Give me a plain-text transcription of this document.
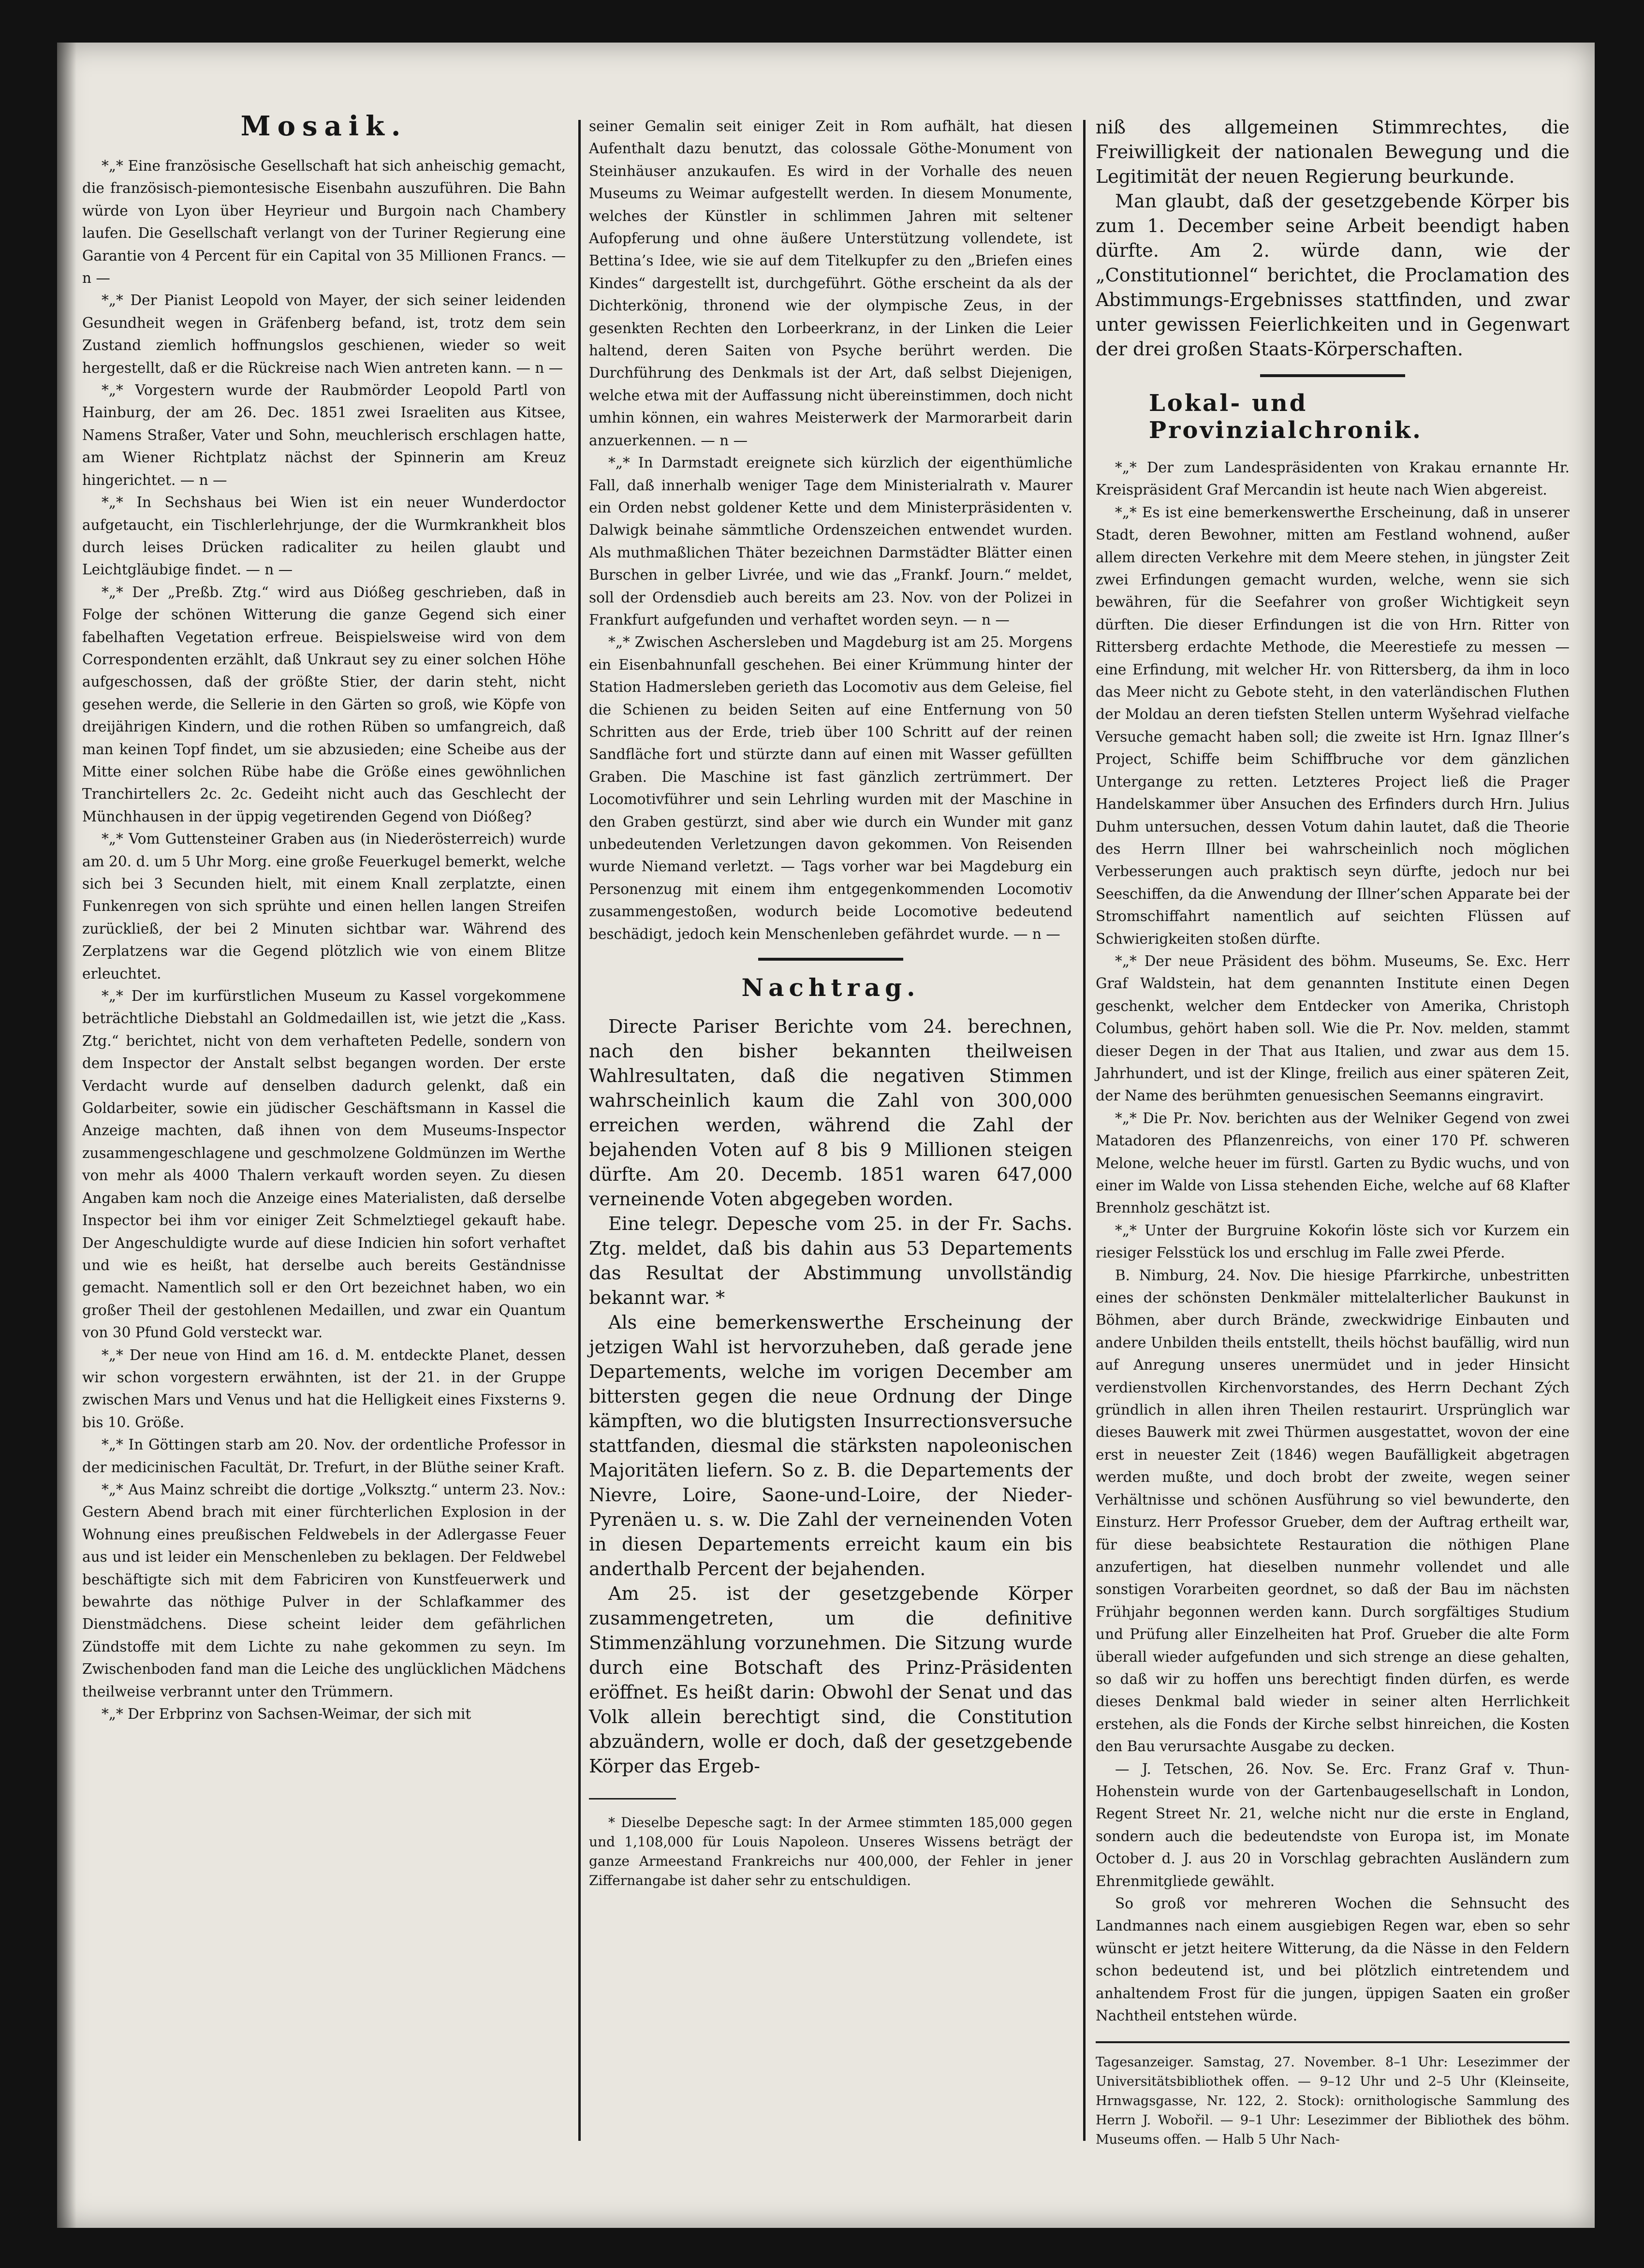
Mosaik.

*„* Eine französische Gesellschaft hat sich anheischig gemacht, die französisch-piemontesische Eisenbahn auszuführen. Die Bahn würde von Lyon über Heyrieur und Burgoin nach Chambery laufen. Die Gesellschaft verlangt von der Turiner Regierung eine Garantie von 4 Percent für ein Capital von 35 Millionen Francs. — n —

*„* Der Pianist Leopold von Mayer, der sich seiner leidenden Gesundheit wegen in Gräfenberg befand, ist, trotz dem sein Zustand ziemlich hoffnungslos geschienen, wieder so weit hergestellt, daß er die Rückreise nach Wien antreten kann. — n —

*„* Vorgestern wurde der Raubmörder Leopold Partl von Hainburg, der am 26. Dec. 1851 zwei Israeliten aus Kitsee, Namens Straßer, Vater und Sohn, meuchlerisch erschlagen hatte, am Wiener Richtplatz nächst der Spinnerin am Kreuz hingerichtet. — n —

*„* In Sechshaus bei Wien ist ein neuer Wunderdoctor aufgetaucht, ein Tischlerlehrjunge, der die Wurmkrankheit blos durch leises Drücken radicaliter zu heilen glaubt und Leichtgläubige findet. — n —

*„* Der „Preßb. Ztg.“ wird aus Dióßeg geschrieben, daß in Folge der schönen Witterung die ganze Gegend sich einer fabelhaften Vegetation erfreue. Beispielsweise wird von dem Correspondenten erzählt, daß Unkraut sey zu einer solchen Höhe aufgeschossen, daß der größte Stier, der darin steht, nicht gesehen werde, die Sellerie in den Gärten so groß, wie Köpfe von dreijährigen Kindern, und die rothen Rüben so umfangreich, daß man keinen Topf findet, um sie abzusieden; eine Scheibe aus der Mitte einer solchen Rübe habe die Größe eines gewöhnlichen Tranchirtellers 2c. 2c. Gedeiht nicht auch das Geschlecht der Münchhausen in der üppig vegetirenden Gegend von Dióßeg?

*„* Vom Guttensteiner Graben aus (in Niederösterreich) wurde am 20. d. um 5 Uhr Morg. eine große Feuerkugel bemerkt, welche sich bei 3 Secunden hielt, mit einem Knall zerplatzte, einen Funkenregen von sich sprühte und einen hellen langen Streifen zurückließ, der bei 2 Minuten sichtbar war. Während des Zerplatzens war die Gegend plötzlich wie von einem Blitze erleuchtet.

*„* Der im kurfürstlichen Museum zu Kassel vorgekommene beträchtliche Diebstahl an Goldmedaillen ist, wie jetzt die „Kass. Ztg.“ berichtet, nicht von dem verhafteten Pedelle, sondern von dem Inspector der Anstalt selbst begangen worden. Der erste Verdacht wurde auf denselben dadurch gelenkt, daß ein Goldarbeiter, sowie ein jüdischer Geschäftsmann in Kassel die Anzeige machten, daß ihnen von dem Museums-Inspector zusammengeschlagene und geschmolzene Goldmünzen im Werthe von mehr als 4000 Thalern verkauft worden seyen. Zu diesen Angaben kam noch die Anzeige eines Materialisten, daß derselbe Inspector bei ihm vor einiger Zeit Schmelztiegel gekauft habe. Der Angeschuldigte wurde auf diese Indicien hin sofort verhaftet und wie es heißt, hat derselbe auch bereits Geständnisse gemacht. Namentlich soll er den Ort bezeichnet haben, wo ein großer Theil der gestohlenen Medaillen, und zwar ein Quantum von 30 Pfund Gold versteckt war.

*„* Der neue von Hind am 16. d. M. entdeckte Planet, dessen wir schon vorgestern erwähnten, ist der 21. in der Gruppe zwischen Mars und Venus und hat die Helligkeit eines Fixsterns 9. bis 10. Größe.

*„* In Göttingen starb am 20. Nov. der ordentliche Professor in der medicinischen Facultät, Dr. Trefurt, in der Blüthe seiner Kraft.

*„* Aus Mainz schreibt die dortige „Volksztg.“ unterm 23. Nov.: Gestern Abend brach mit einer fürchterlichen Explosion in der Wohnung eines preußischen Feldwebels in der Adlergasse Feuer aus und ist leider ein Menschenleben zu beklagen. Der Feldwebel beschäftigte sich mit dem Fabriciren von Kunstfeuerwerk und bewahrte das nöthige Pulver in der Schlafkammer des Dienstmädchens. Diese scheint leider dem gefährlichen Zündstoffe mit dem Lichte zu nahe gekommen zu seyn. Im Zwischenboden fand man die Leiche des unglücklichen Mädchens theilweise verbrannt unter den Trümmern.

*„* Der Erbprinz von Sachsen-Weimar, der sich mit

seiner Gemalin seit einiger Zeit in Rom aufhält, hat diesen Aufenthalt dazu benutzt, das colossale Göthe-Monument von Steinhäuser anzukaufen. Es wird in der Vorhalle des neuen Museums zu Weimar aufgestellt werden. In diesem Monumente, welches der Künstler in schlimmen Jahren mit seltener Aufopferung und ohne äußere Unterstützung vollendete, ist Bettina’s Idee, wie sie auf dem Titelkupfer zu den „Briefen eines Kindes“ dargestellt ist, durchgeführt. Göthe erscheint da als der Dichterkönig, thronend wie der olympische Zeus, in der gesenkten Rechten den Lorbeerkranz, in der Linken die Leier haltend, deren Saiten von Psyche berührt werden. Die Durchführung des Denkmals ist der Art, daß selbst Diejenigen, welche etwa mit der Auffassung nicht übereinstimmen, doch nicht umhin können, ein wahres Meisterwerk der Marmorarbeit darin anzuerkennen. — n —

*„* In Darmstadt ereignete sich kürzlich der eigenthümliche Fall, daß innerhalb weniger Tage dem Ministerialrath v. Maurer ein Orden nebst goldener Kette und dem Ministerpräsidenten v. Dalwigk beinahe sämmtliche Ordenszeichen entwendet wurden. Als muthmaßlichen Thäter bezeichnen Darmstädter Blätter einen Burschen in gelber Livrée, und wie das „Frankf. Journ.“ meldet, soll der Ordensdieb auch bereits am 23. Nov. von der Polizei in Frankfurt aufgefunden und verhaftet worden seyn. — n —

*„* Zwischen Aschersleben und Magdeburg ist am 25. Morgens ein Eisenbahnunfall geschehen. Bei einer Krümmung hinter der Station Hadmersleben gerieth das Locomotiv aus dem Geleise, fiel die Schienen zu beiden Seiten auf eine Entfernung von 50 Schritten aus der Erde, trieb über 100 Schritt auf der reinen Sandfläche fort und stürzte dann auf einen mit Wasser gefüllten Graben. Die Maschine ist fast gänzlich zertrümmert. Der Locomotivführer und sein Lehrling wurden mit der Maschine in den Graben gestürzt, sind aber wie durch ein Wunder mit ganz unbedeutenden Verletzungen davon gekommen. Von Reisenden wurde Niemand verletzt. — Tags vorher war bei Magdeburg ein Personenzug mit einem ihm entgegenkommenden Locomotiv zusammengestoßen, wodurch beide Locomotive bedeutend beschädigt, jedoch kein Menschenleben gefährdet wurde. — n —

Nachtrag.

Directe Pariser Berichte vom 24. berechnen, nach den bisher bekannten theilweisen Wahlresultaten, daß die negativen Stimmen wahrscheinlich kaum die Zahl von 300,000 erreichen werden, während die Zahl der bejahenden Voten auf 8 bis 9 Millionen steigen dürfte. Am 20. Decemb. 1851 waren 647,000 verneinende Voten abgegeben worden.

Eine telegr. Depesche vom 25. in der Fr. Sachs. Ztg. meldet, daß bis dahin aus 53 Departements das Resultat der Abstimmung unvollständig bekannt war. *

Als eine bemerkenswerthe Erscheinung der jetzigen Wahl ist hervorzuheben, daß gerade jene Departements, welche im vorigen December am bittersten gegen die neue Ordnung der Dinge kämpften, wo die blutigsten Insurrectionsversuche stattfanden, diesmal die stärksten napoleonischen Majoritäten liefern. So z. B. die Departements der Nievre, Loire, Saone-und-Loire, der Nieder-Pyrenäen u. s. w. Die Zahl der verneinenden Voten in diesen Departements erreicht kaum ein bis anderthalb Percent der bejahenden.

Am 25. ist der gesetzgebende Körper zusammengetreten, um die definitive Stimmenzählung vorzunehmen. Die Sitzung wurde durch eine Botschaft des Prinz-Präsidenten eröffnet. Es heißt darin: Obwohl der Senat und das Volk allein berechtigt sind, die Constitution abzuändern, wolle er doch, daß der gesetzgebende Körper das Ergeb-

* Dieselbe Depesche sagt: In der Armee stimmten 185,000 gegen und 1,108,000 für Louis Napoleon. Unseres Wissens beträgt der ganze Armeestand Frankreichs nur 400,000, der Fehler in jener Ziffernangabe ist daher sehr zu entschuldigen.

niß des allgemeinen Stimmrechtes, die Freiwilligkeit der nationalen Bewegung und die Legitimität der neuen Regierung beurkunde.

Man glaubt, daß der gesetzgebende Körper bis zum 1. December seine Arbeit beendigt haben dürfte. Am 2. würde dann, wie der „Constitutionnel“ berichtet, die Proclamation des Abstimmungs-Ergebnisses stattfinden, und zwar unter gewissen Feierlichkeiten und in Gegenwart der drei großen Staats-Körperschaften.

Lokal- und Provinzialchronik.

*„* Der zum Landespräsidenten von Krakau ernannte Hr. Kreispräsident Graf Mercandin ist heute nach Wien abgereist.

*„* Es ist eine bemerkenswerthe Erscheinung, daß in unserer Stadt, deren Bewohner, mitten am Festland wohnend, außer allem directen Verkehre mit dem Meere stehen, in jüngster Zeit zwei Erfindungen gemacht wurden, welche, wenn sie sich bewähren, für die Seefahrer von großer Wichtigkeit seyn dürften. Die dieser Erfindungen ist die von Hrn. Ritter von Rittersberg erdachte Methode, die Meerestiefe zu messen — eine Erfindung, mit welcher Hr. von Rittersberg, da ihm in loco das Meer nicht zu Gebote steht, in den vaterländischen Fluthen der Moldau an deren tiefsten Stellen unterm Wyšehrad vielfache Versuche gemacht haben soll; die zweite ist Hrn. Ignaz Illner’s Project, Schiffe beim Schiffbruche vor dem gänzlichen Untergange zu retten. Letzteres Project ließ die Prager Handelskammer über Ansuchen des Erfinders durch Hrn. Julius Duhm untersuchen, dessen Votum dahin lautet, daß die Theorie des Herrn Illner bei wahrscheinlich noch möglichen Verbesserungen auch praktisch seyn dürfte, jedoch nur bei Seeschiffen, da die Anwendung der Illner’schen Apparate bei der Stromschiffahrt namentlich auf seichten Flüssen auf Schwierigkeiten stoßen dürfte.

*„* Der neue Präsident des böhm. Museums, Se. Exc. Herr Graf Waldstein, hat dem genannten Institute einen Degen geschenkt, welcher dem Entdecker von Amerika, Christoph Columbus, gehört haben soll. Wie die Pr. Nov. melden, stammt dieser Degen in der That aus Italien, und zwar aus dem 15. Jahrhundert, und ist der Klinge, freilich aus einer späteren Zeit, der Name des berühmten genuesischen Seemanns eingravirt.

*„* Die Pr. Nov. berichten aus der Welniker Gegend von zwei Matadoren des Pflanzenreichs, von einer 170 Pf. schweren Melone, welche heuer im fürstl. Garten zu Bydic wuchs, und von einer im Walde von Lissa stehenden Eiche, welche auf 68 Klafter Brennholz geschätzt ist.

*„* Unter der Burgruine Kokoŕin löste sich vor Kurzem ein riesiger Felsstück los und erschlug im Falle zwei Pferde.

B. Nimburg, 24. Nov. Die hiesige Pfarrkirche, unbestritten eines der schönsten Denkmäler mittelalterlicher Baukunst in Böhmen, aber durch Brände, zweckwidrige Einbauten und andere Unbilden theils entstellt, theils höchst baufällig, wird nun auf Anregung unseres unermüdet und in jeder Hinsicht verdienstvollen Kirchenvorstandes, des Herrn Dechant Zých gründlich in allen ihren Theilen restaurirt. Ursprünglich war dieses Bauwerk mit zwei Thürmen ausgestattet, wovon der eine erst in neuester Zeit (1846) wegen Baufälligkeit abgetragen werden mußte, und doch brobt der zweite, wegen seiner Verhältnisse und schönen Ausführung so viel bewunderte, den Einsturz. Herr Professor Grueber, dem der Auftrag ertheilt war, für diese beabsichtete Restauration die nöthigen Plane anzufertigen, hat dieselben nunmehr vollendet und alle sonstigen Vorarbeiten geordnet, so daß der Bau im nächsten Frühjahr begonnen werden kann. Durch sorgfältiges Studium und Prüfung aller Einzelheiten hat Prof. Grueber die alte Form überall wieder aufgefunden und sich strenge an diese gehalten, so daß wir zu hoffen uns berechtigt finden dürfen, es werde dieses Denkmal bald wieder in seiner alten Herrlichkeit erstehen, als die Fonds der Kirche selbst hinreichen, die Kosten den Bau verursachte Ausgabe zu decken.

— J. Tetschen, 26. Nov. Se. Erc. Franz Graf v. Thun-Hohenstein wurde von der Gartenbaugesellschaft in London, Regent Street Nr. 21, welche nicht nur die erste in England, sondern auch die bedeutendste von Europa ist, im Monate October d. J. aus 20 in Vorschlag gebrachten Ausländern zum Ehrenmitgliede gewählt.

So groß vor mehreren Wochen die Sehnsucht des Landmannes nach einem ausgiebigen Regen war, eben so sehr wünscht er jetzt heitere Witterung, da die Nässe in den Feldern schon bedeutend ist, und bei plötzlich eintretendem und anhaltendem Frost für die jungen, üppigen Saaten ein großer Nachtheil entstehen würde.

Tagesanzeiger. Samstag, 27. November. 8–1 Uhr: Lesezimmer der Universitätsbibliothek offen. — 9–12 Uhr und 2–5 Uhr (Kleinseite, Hrnwagsgasse, Nr. 122, 2. Stock): ornithologische Sammlung des Herrn J. Wobořil. — 9–1 Uhr: Lesezimmer der Bibliothek des böhm. Museums offen. — Halb 5 Uhr Nach-
